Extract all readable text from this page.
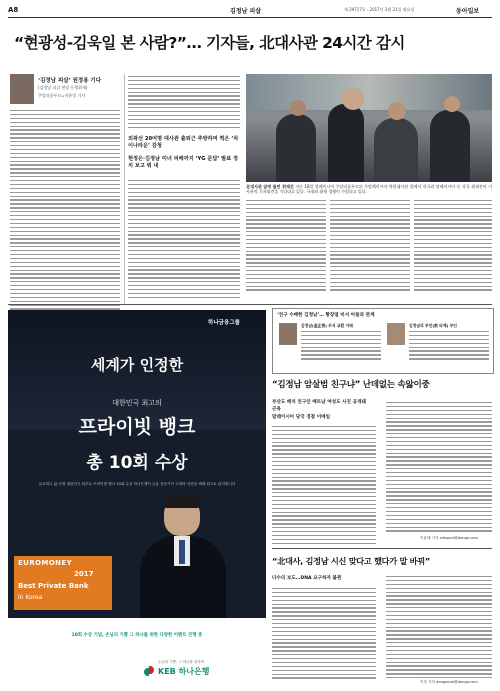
A8	김정남 피살	제 29717호 · 2017년 2월 21일 월요일	동아일보
“현광성-김욱일 본 사람?”… 기자들, 北대사관 24시간 감시
‘김정남 피살’ 원정용 기다
(김정남 피살 현장 동행취재)
쿠알라룸푸르=이윤정 기자
외곽선 20여명 대사관 출퇴근 추방하며 찍은 ‘차이나타운’ 감청
현정은·김정남 미녀 피해까지 ‘YG 문답’ 발표 정치 보고 뭐 내
北대사관 앞에 몰린 취재진 지난 18일 말레이시아 쿠알라룸푸르의 주말레이시아 북한대사관 앞에서 한국과 말레이시아 등 각국 취재진이 기사관의 기자회견을 기다리고 있다. 국내외 취재 경쟁이 가열되고 있다.
하나금융그룹
세계가 인정한
대한민국 최고의
프라이빗 뱅크
총 10회 수상
유로머니 誌 선정 대한민국 최우수 프라이빗 뱅크 10회 수상 하나은행이 금융 전문가가 고객의 자산을 세계 최고로 관리합니다
EUROMONEY
2017
Best Private Bank
in Korea
10회 수상 기념, 손님의 기쁨 그 하나를 위한 다양한 이벤트 진행 중
손님의 기쁨, 그 하나를 위하여
KEB 하나은행
‘친구 수배한 김정남’… 황장엽 비서 아들과 관계
김정남(金正男) 주식 교환 거래	김정남의 부인(前 타계) 부인
“김정남 암살범 친구냐” 난데없는 속앓이중
부산도 배치 친구인 베트남 여성도 사진 공개돼 곤욕
말레이시아 당국 경찰 이메일
이윤태 기자 oldsport@donga.com
“北대사, 김정남 시신 맞다고 했다가 말 바꿔”
다수의 보도…DNA 요구하자 불편
이찬 기자 dongaone@donga.com
